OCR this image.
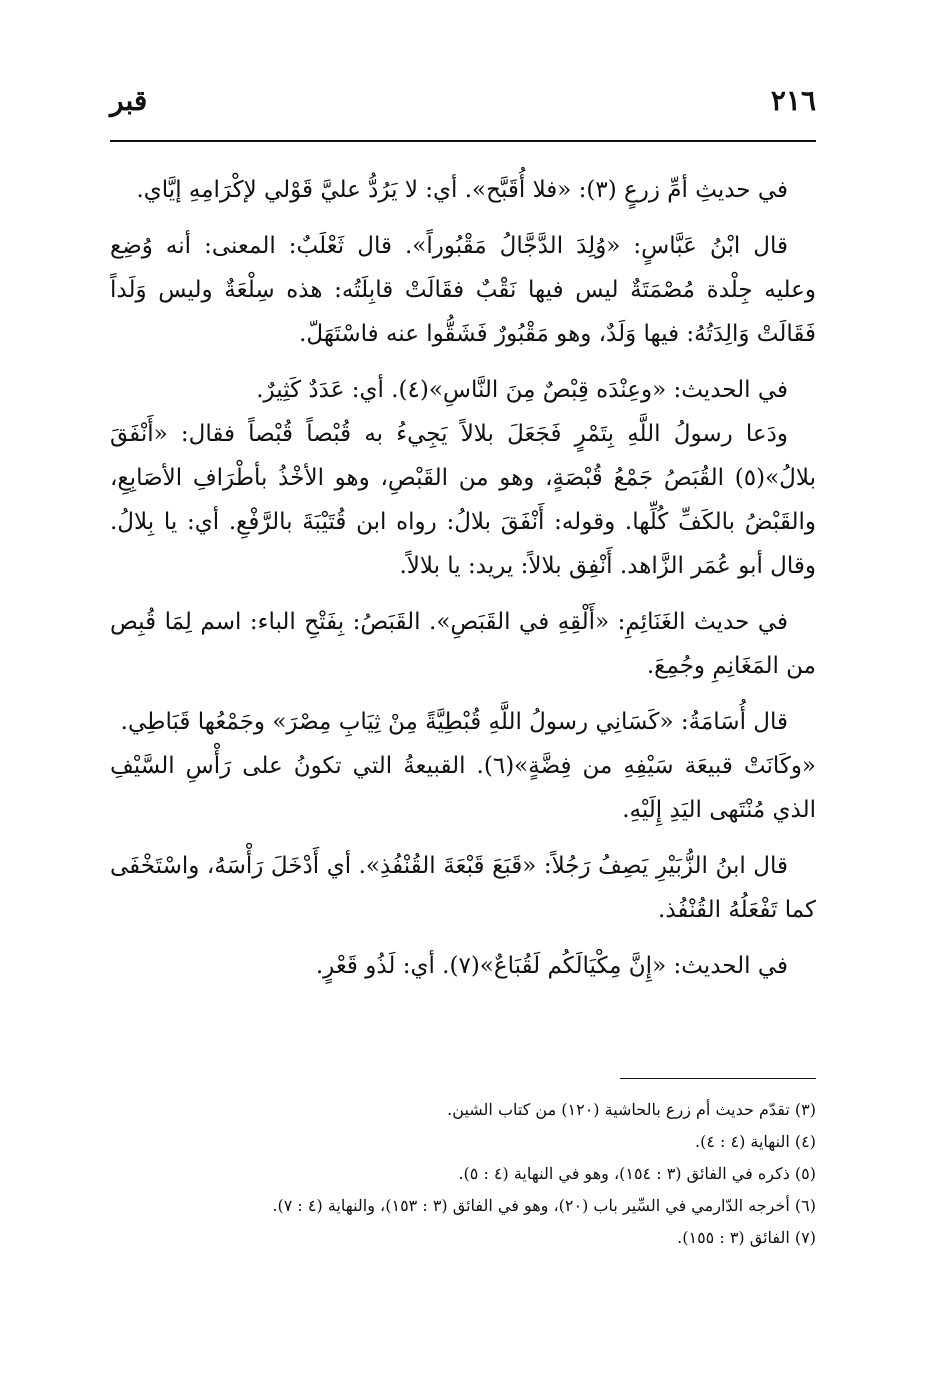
٢١٦
قبر

في حديثِ أمِّ زرعٍ (٣): «فلا أُقَبَّح». أي: لا يَرُدُّ عليَّ قَوْلي لإكْرَامِهِ إيَّاي.

قال ابْنُ عَبَّاسٍ: «وُلِدَ الدَّجَّالُ مَقْبُوراً». قال ثَعْلَبٌ: المعنى: أنه وُضِع وعليه جِلْدة مُصْمَتَةٌ ليس فيها نَقْبٌ فقَالَتْ قابِلَتُه: هذه سِلْعَةٌ وليس وَلَداً فَقَالَتْ وَالِدَتُهُ: فيها وَلَدٌ، وهو مَقْبُورٌ فَشَقُّوا عنه فاسْتَهَلّ.

في الحديث: «وعِنْدَه قِبْصٌ مِنَ النَّاسِ»(٤). أي: عَدَدٌ كَثِيرٌ.

ودَعا رسولُ اللَّهِ بِتَمْرٍ فَجَعَلَ بلالاً يَجِيءُ به قُبْصاً قُبْصاً فقال: «أَنْفَقَ بلالُ»(٥) القُبَصُ جَمْعُ قُبْصَةٍ، وهو من القَبْصِ، وهو الأخْذُ بأطْرَافِ الأصَابِعِ، والقَبْضُ بالكَفِّ كُلِّها. وقوله: أَنْفَقَ بلالُ: رواه ابن قُتَيْبَةَ بالرَّفْعِ. أي: يا بِلالُ. وقال أبو عُمَر الزَّاهد. أَنْفِق بلالاً: يريد: يا بلالاً.

في حديث الغَنَائِمِ: «أَلْقِهِ في القَبَصِ». القَبَصُ: بِفَتْحِ الباء: اسم لِمَا قُبِص من المَغَانِمِ وجُمِعَ.

قال أُسَامَةُ: «كَسَانِي رسولُ اللَّهِ قُبْطِيَّةً مِنْ ثِيَابِ مِصْرَ» وجَمْعُها قَبَاطِي.

«وكَانَتْ قبيعَة سَيْفِهِ من فِضَّةٍ»(٦). القبيعةُ التي تكونُ على رَأْسِ السَّيْفِ الذي مُنْتَهى اليَدِ إِلَيْهِ.

قال ابنُ الزُّبَيْرِ يَصِفُ رَجُلاً: «قَبَعَ قَبْعَةَ القُنْفُذِ». أي أَدْخَلَ رَأْسَهُ، واسْتَخْفَى كما تَفْعَلُهُ القُنْفُذ.

في الحديث: «إِنَّ مِكْيَالَكُم لَقُبَاعٌ»(٧). أي: لَذُو قَعْرٍ.

(٣) تقدّم حديث أم زرع بالحاشية (١٢٠) من كتاب الشين.

(٤) النهاية (٤ : ٤).

(٥) ذكره في الفائق (٣ : ١٥٤)، وهو في النهاية (٤ : ٥).

(٦) أخرجه الدّارمي في السِّير باب (٢٠)، وهو في الفائق (٣ : ١٥٣)، والنهاية (٤ : ٧).

(٧) الفائق (٣ : ١٥٥).
